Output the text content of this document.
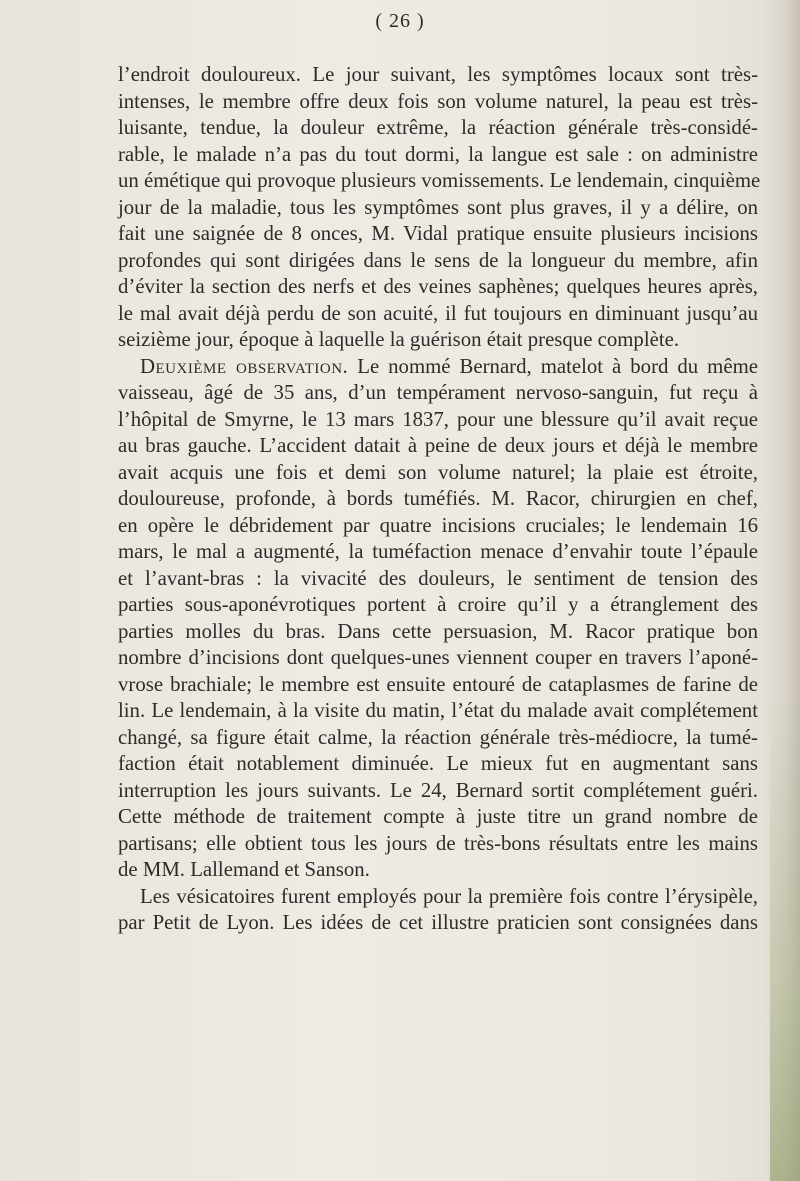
( 26 )
l’endroit douloureux. Le jour suivant, les symptômes locaux sont très-
intenses, le membre offre deux fois son volume naturel, la peau est très-
luisante, tendue, la douleur extrême, la réaction générale très-considé-
rable, le malade n’a pas du tout dormi, la langue est sale : on administre
un émétique qui provoque plusieurs vomissements. Le lendemain, cinquième
jour de la maladie, tous les symptômes sont plus graves, il y a délire, on
fait une saignée de 8 onces, M. Vidal pratique ensuite plusieurs incisions
profondes qui sont dirigées dans le sens de la longueur du membre, afin
d’éviter la section des nerfs et des veines saphènes; quelques heures après,
le mal avait déjà perdu de son acuité, il fut toujours en diminuant jusqu’au
seizième jour, époque à laquelle la guérison était presque complète.
Deuxième observation. Le nommé Bernard, matelot à bord du même
vaisseau, âgé de 35 ans, d’un tempérament nervoso-sanguin, fut reçu à
l’hôpital de Smyrne, le 13 mars 1837, pour une blessure qu’il avait reçue
au bras gauche. L’accident datait à peine de deux jours et déjà le membre
avait acquis une fois et demi son volume naturel; la plaie est étroite,
douloureuse, profonde, à bords tuméfiés. M. Racor, chirurgien en chef,
en opère le débridement par quatre incisions cruciales; le lendemain 16
mars, le mal a augmenté, la tuméfaction menace d’envahir toute l’épaule
et l’avant-bras : la vivacité des douleurs, le sentiment de tension des
parties sous-aponévrotiques portent à croire qu’il y a étranglement des
parties molles du bras. Dans cette persuasion, M. Racor pratique bon
nombre d’incisions dont quelques-unes viennent couper en travers l’aponé-
vrose brachiale; le membre est ensuite entouré de cataplasmes de farine de
lin. Le lendemain, à la visite du matin, l’état du malade avait complétement
changé, sa figure était calme, la réaction générale très-médiocre, la tumé-
faction était notablement diminuée. Le mieux fut en augmentant sans
interruption les jours suivants. Le 24, Bernard sortit complétement guéri.
Cette méthode de traitement compte à juste titre un grand nombre de
partisans; elle obtient tous les jours de très-bons résultats entre les mains
de MM. Lallemand et Sanson.
Les vésicatoires furent employés pour la première fois contre l’érysipèle,
par Petit de Lyon. Les idées de cet illustre praticien sont consignées dans
